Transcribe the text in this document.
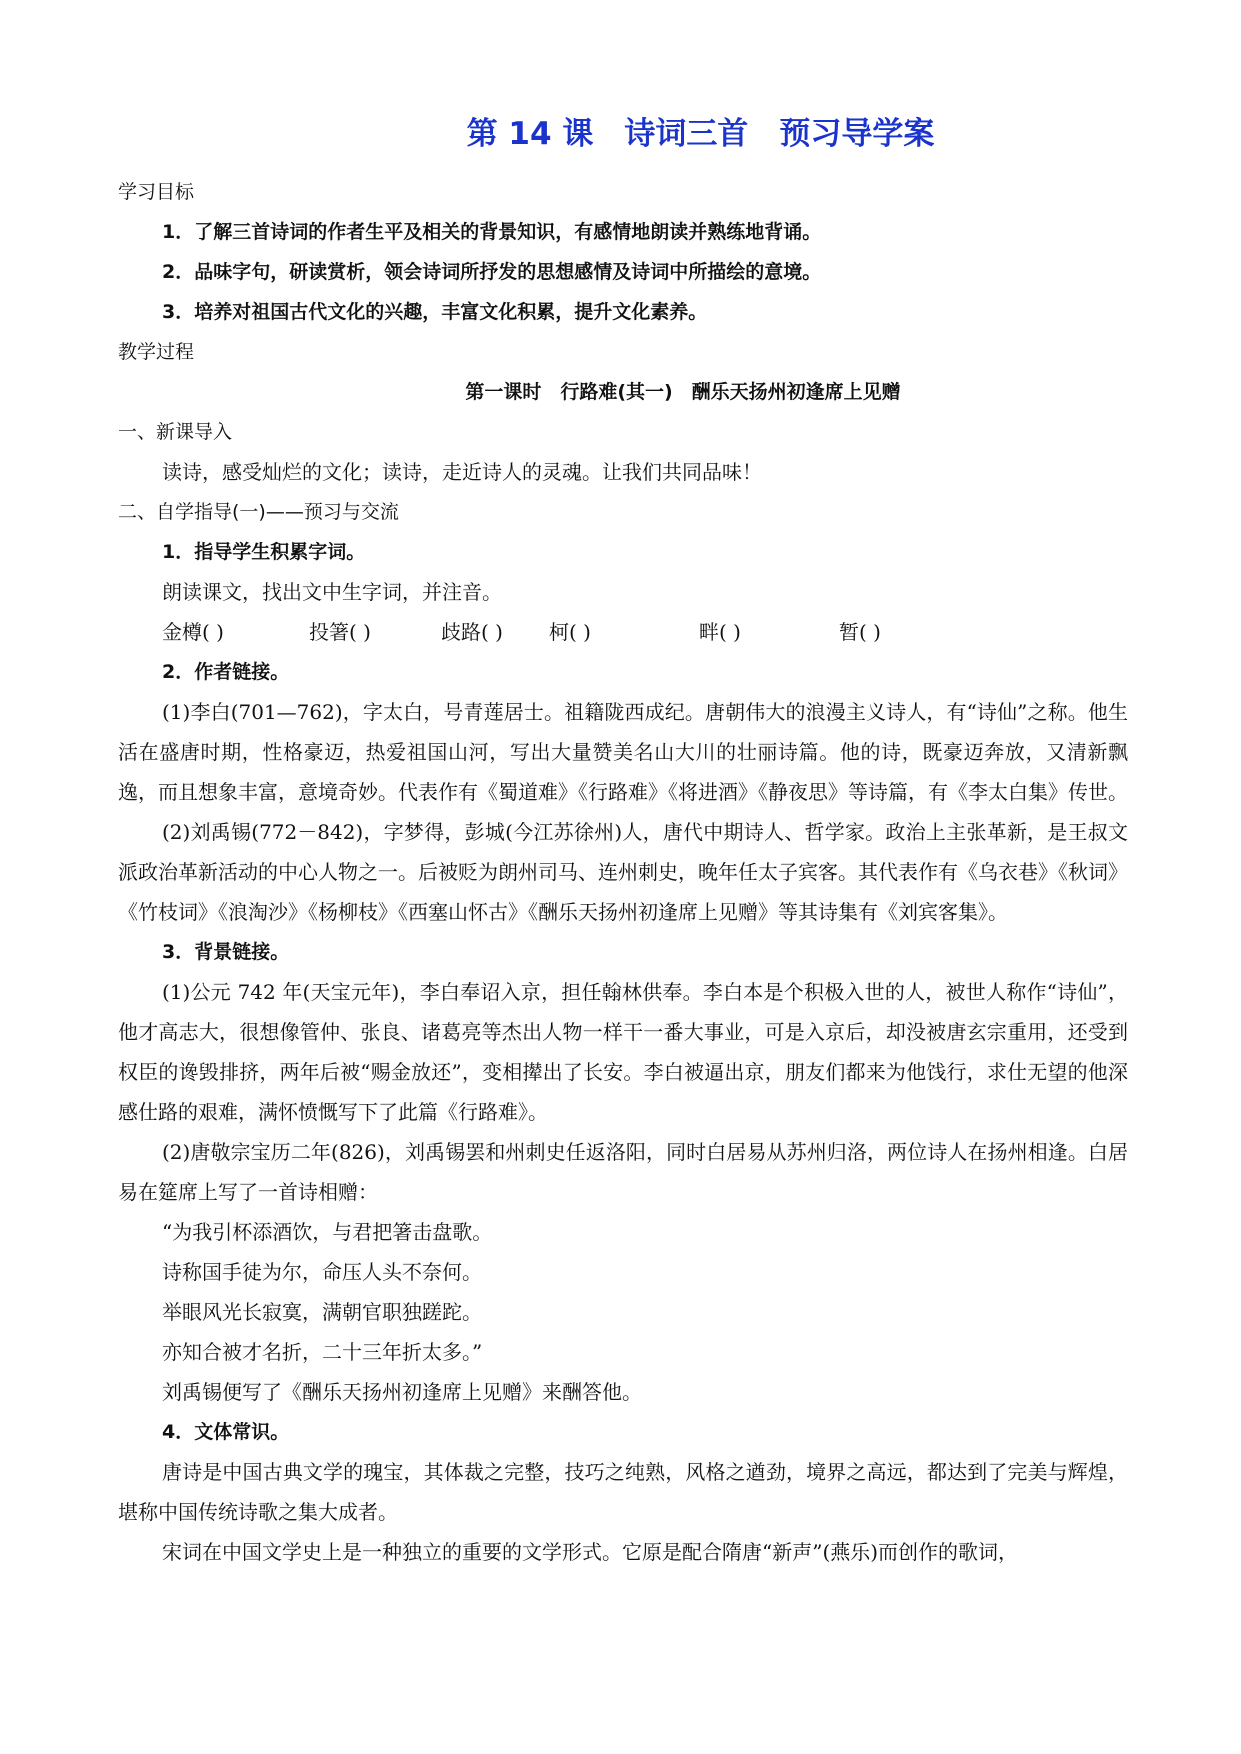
第 14 课　诗词三首　预习导学案
学习目标
1．了解三首诗词的作者生平及相关的背景知识，有感情地朗读并熟练地背诵。
2．品味字句，研读赏析，领会诗词所抒发的思想感情及诗词中所描绘的意境。
3．培养对祖国古代文化的兴趣，丰富文化积累，提升文化素养。
教学过程
第一课时　行路难(其一)　酬乐天扬州初逢席上见赠
一、新课导入
读诗，感受灿烂的文化；读诗，走近诗人的灵魂。让我们共同品味！
二、自学指导(一)——预习与交流
1．指导学生积累字词。
朗读课文，找出文中生字词，并注音。
金樽( )	投箸( )	歧路( )	柯( )	畔( )	暂( )
2．作者链接。
(1)李白(701—762)，字太白，号青莲居士。祖籍陇西成纪。唐朝伟大的浪漫主义诗人，有“诗仙”之称。他生活在盛唐时期，性格豪迈，热爱祖国山河，写出大量赞美名山大川的壮丽诗篇。他的诗，既豪迈奔放，又清新飘逸，而且想象丰富，意境奇妙。代表作有《蜀道难》《行路难》《将进酒》《静夜思》等诗篇，有《李太白集》传世。
(2)刘禹锡(772－842)，字梦得，彭城(今江苏徐州)人，唐代中期诗人、哲学家。政治上主张革新，是王叔文派政治革新活动的中心人物之一。后被贬为朗州司马、连州刺史，晚年任太子宾客。其代表作有《乌衣巷》《秋词》《竹枝词》《浪淘沙》《杨柳枝》《西塞山怀古》《酬乐天扬州初逢席上见赠》等其诗集有《刘宾客集》。
3．背景链接。
(1)公元 742 年(天宝元年)，李白奉诏入京，担任翰林供奉。李白本是个积极入世的人，被世人称作“诗仙”，他才高志大，很想像管仲、张良、诸葛亮等杰出人物一样干一番大事业，可是入京后，却没被唐玄宗重用，还受到权臣的谗毁排挤，两年后被“赐金放还”，变相撵出了长安。李白被逼出京，朋友们都来为他饯行，求仕无望的他深感仕路的艰难，满怀愤慨写下了此篇《行路难》。
(2)唐敬宗宝历二年(826)，刘禹锡罢和州刺史任返洛阳，同时白居易从苏州归洛，两位诗人在扬州相逢。白居易在筵席上写了一首诗相赠：
“为我引杯添酒饮，与君把箸击盘歌。
诗称国手徒为尔，命压人头不奈何。
举眼风光长寂寞，满朝官职独蹉跎。
亦知合被才名折，二十三年折太多。”
刘禹锡便写了《酬乐天扬州初逢席上见赠》来酬答他。
4．文体常识。
唐诗是中国古典文学的瑰宝，其体裁之完整，技巧之纯熟，风格之遒劲，境界之高远，都达到了完美与辉煌，堪称中国传统诗歌之集大成者。
宋词在中国文学史上是一种独立的重要的文学形式。它原是配合隋唐“新声”(燕乐)而创作的歌词，
